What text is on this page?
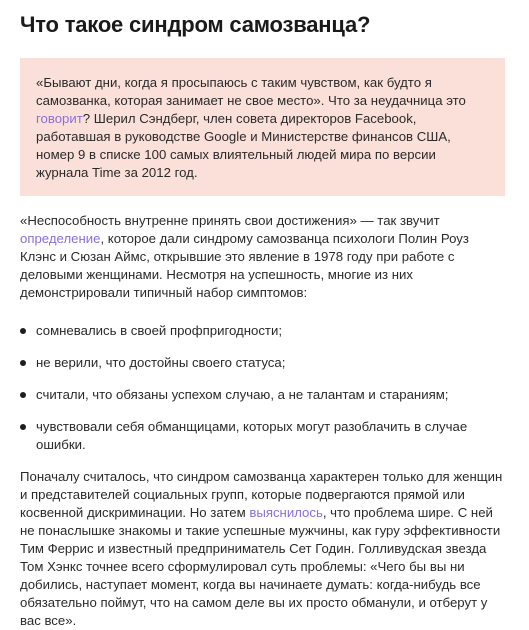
Что такое синдром самозванца?

«Бывают дни, когда я просыпаюсь с таким чувством, как будто я самозванка, которая занимает не свое место». Что за неудачница это говорит? Шерил Сэндберг, член совета директоров Facebook, работавшая в руководстве Google и Министерстве финансов США, номер 9 в списке 100 самых влиятельный людей мира по версии журнала Time за 2012 год.

«Неспособность внутренне принять свои достижения» — так звучит определение, которое дали синдрому самозванца психологи Полин Роуз Клэнс и Сюзан Аймс, открывшие это явление в 1978 году при работе с деловыми женщинами. Несмотря на успешность, многие из них демонстрировали типичный набор симптомов:

сомневались в своей профпригодности;
не верили, что достойны своего статуса;
считали, что обязаны успехом случаю, а не талантам и стараниям;
чувствовали себя обманщицами, которых могут разоблачить в случае ошибки.

Поначалу считалось, что синдром самозванца характерен только для женщин и представителей социальных групп, которые подвергаются прямой или косвенной дискриминации. Но затем выяснилось, что проблема шире. С ней не понаслышке знакомы и такие успешные мужчины, как гуру эффективности Тим Феррис и известный предприниматель Сет Годин. Голливудская звезда Том Хэнкс точнее всего сформулировал суть проблемы: «Чего бы вы ни добились, наступает момент, когда вы начинаете думать: когда-нибудь все обязательно поймут, что на самом деле вы их просто обманули, и отберут у вас все».
